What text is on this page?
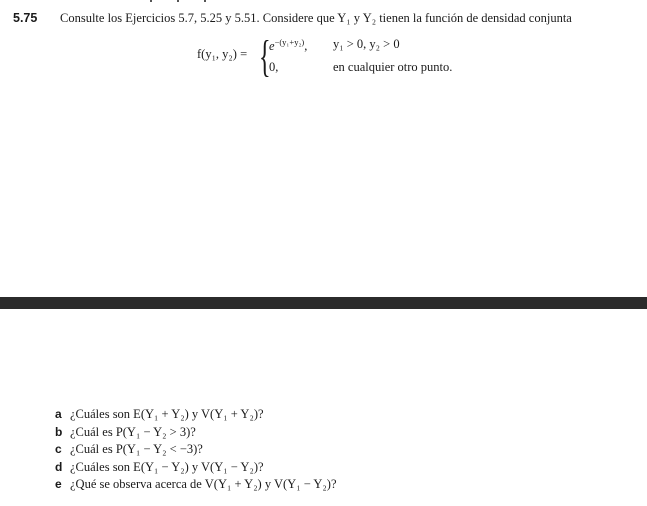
5.75 Consulte los Ejercicios 5.7, 5.25 y 5.51. Considere que Y₁ y Y₂ tienen la función de densidad conjunta
f(y₁, y₂) = {
$e^{-(y_1+y_2)}$, y₁ > 0, y₂ > 0
0,	en cualquier otro punto.
a ¿Cuáles son E(Y₁ + Y₂) y V(Y₁ + Y₂)?
b ¿Cuál es P(Y₁ − Y₂ > 3)?
c ¿Cuál es P(Y₁ − Y₂ < −3)?
d ¿Cuáles son E(Y₁ − Y₂) y V(Y₁ − Y₂)?
e ¿Qué se observa acerca de V(Y₁ + Y₂) y V(Y₁ − Y₂)?
